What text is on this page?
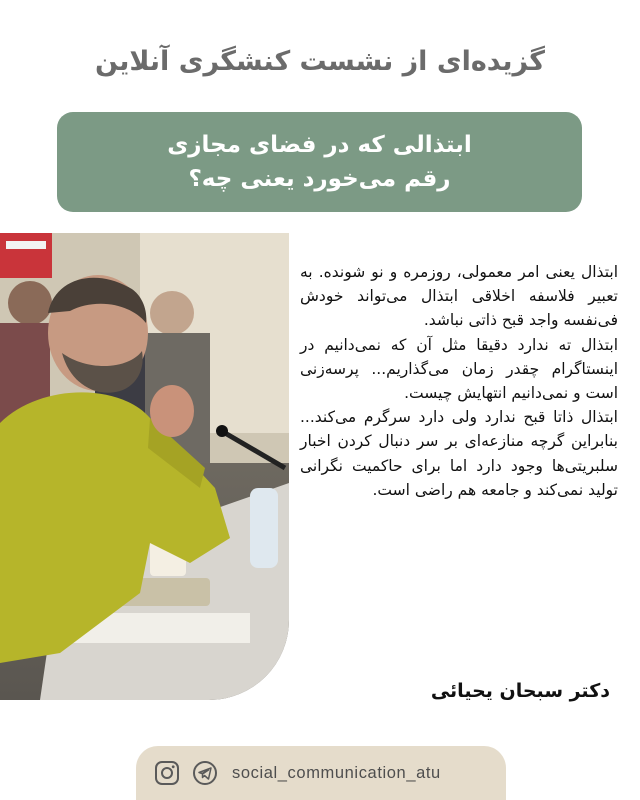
گزیده‌ای از نشست کنشگری آنلاین
ابتذالی که در فضای مجازی
رقم می‌خورد یعنی چه؟

ابتذال یعنی امر معمولی، روزمره و نو شونده. به تعبیر فلاسفه اخلاقی ابتذال می‌تواند خودش فی‌نفسه واجد قبح ذاتی نباشد.

ابتذال ته ندارد دقیقا مثل آن که نمی‌دانیم در اینستاگرام چقدر زمان می‌گذاریم... پرسه‌زنی است و نمی‌دانیم انتهایش چیست.

ابتذال ذاتا قبح ندارد ولی دارد سرگرم می‌کند... بنابراین گرچه منازعه‌ای بر سر دنبال کردن اخبار سلبریتی‌ها وجود دارد اما برای حاکمیت نگرانی تولید نمی‌کند و جامعه هم راضی است.

دکتر سبحان یحیائی
social_communication_atu
